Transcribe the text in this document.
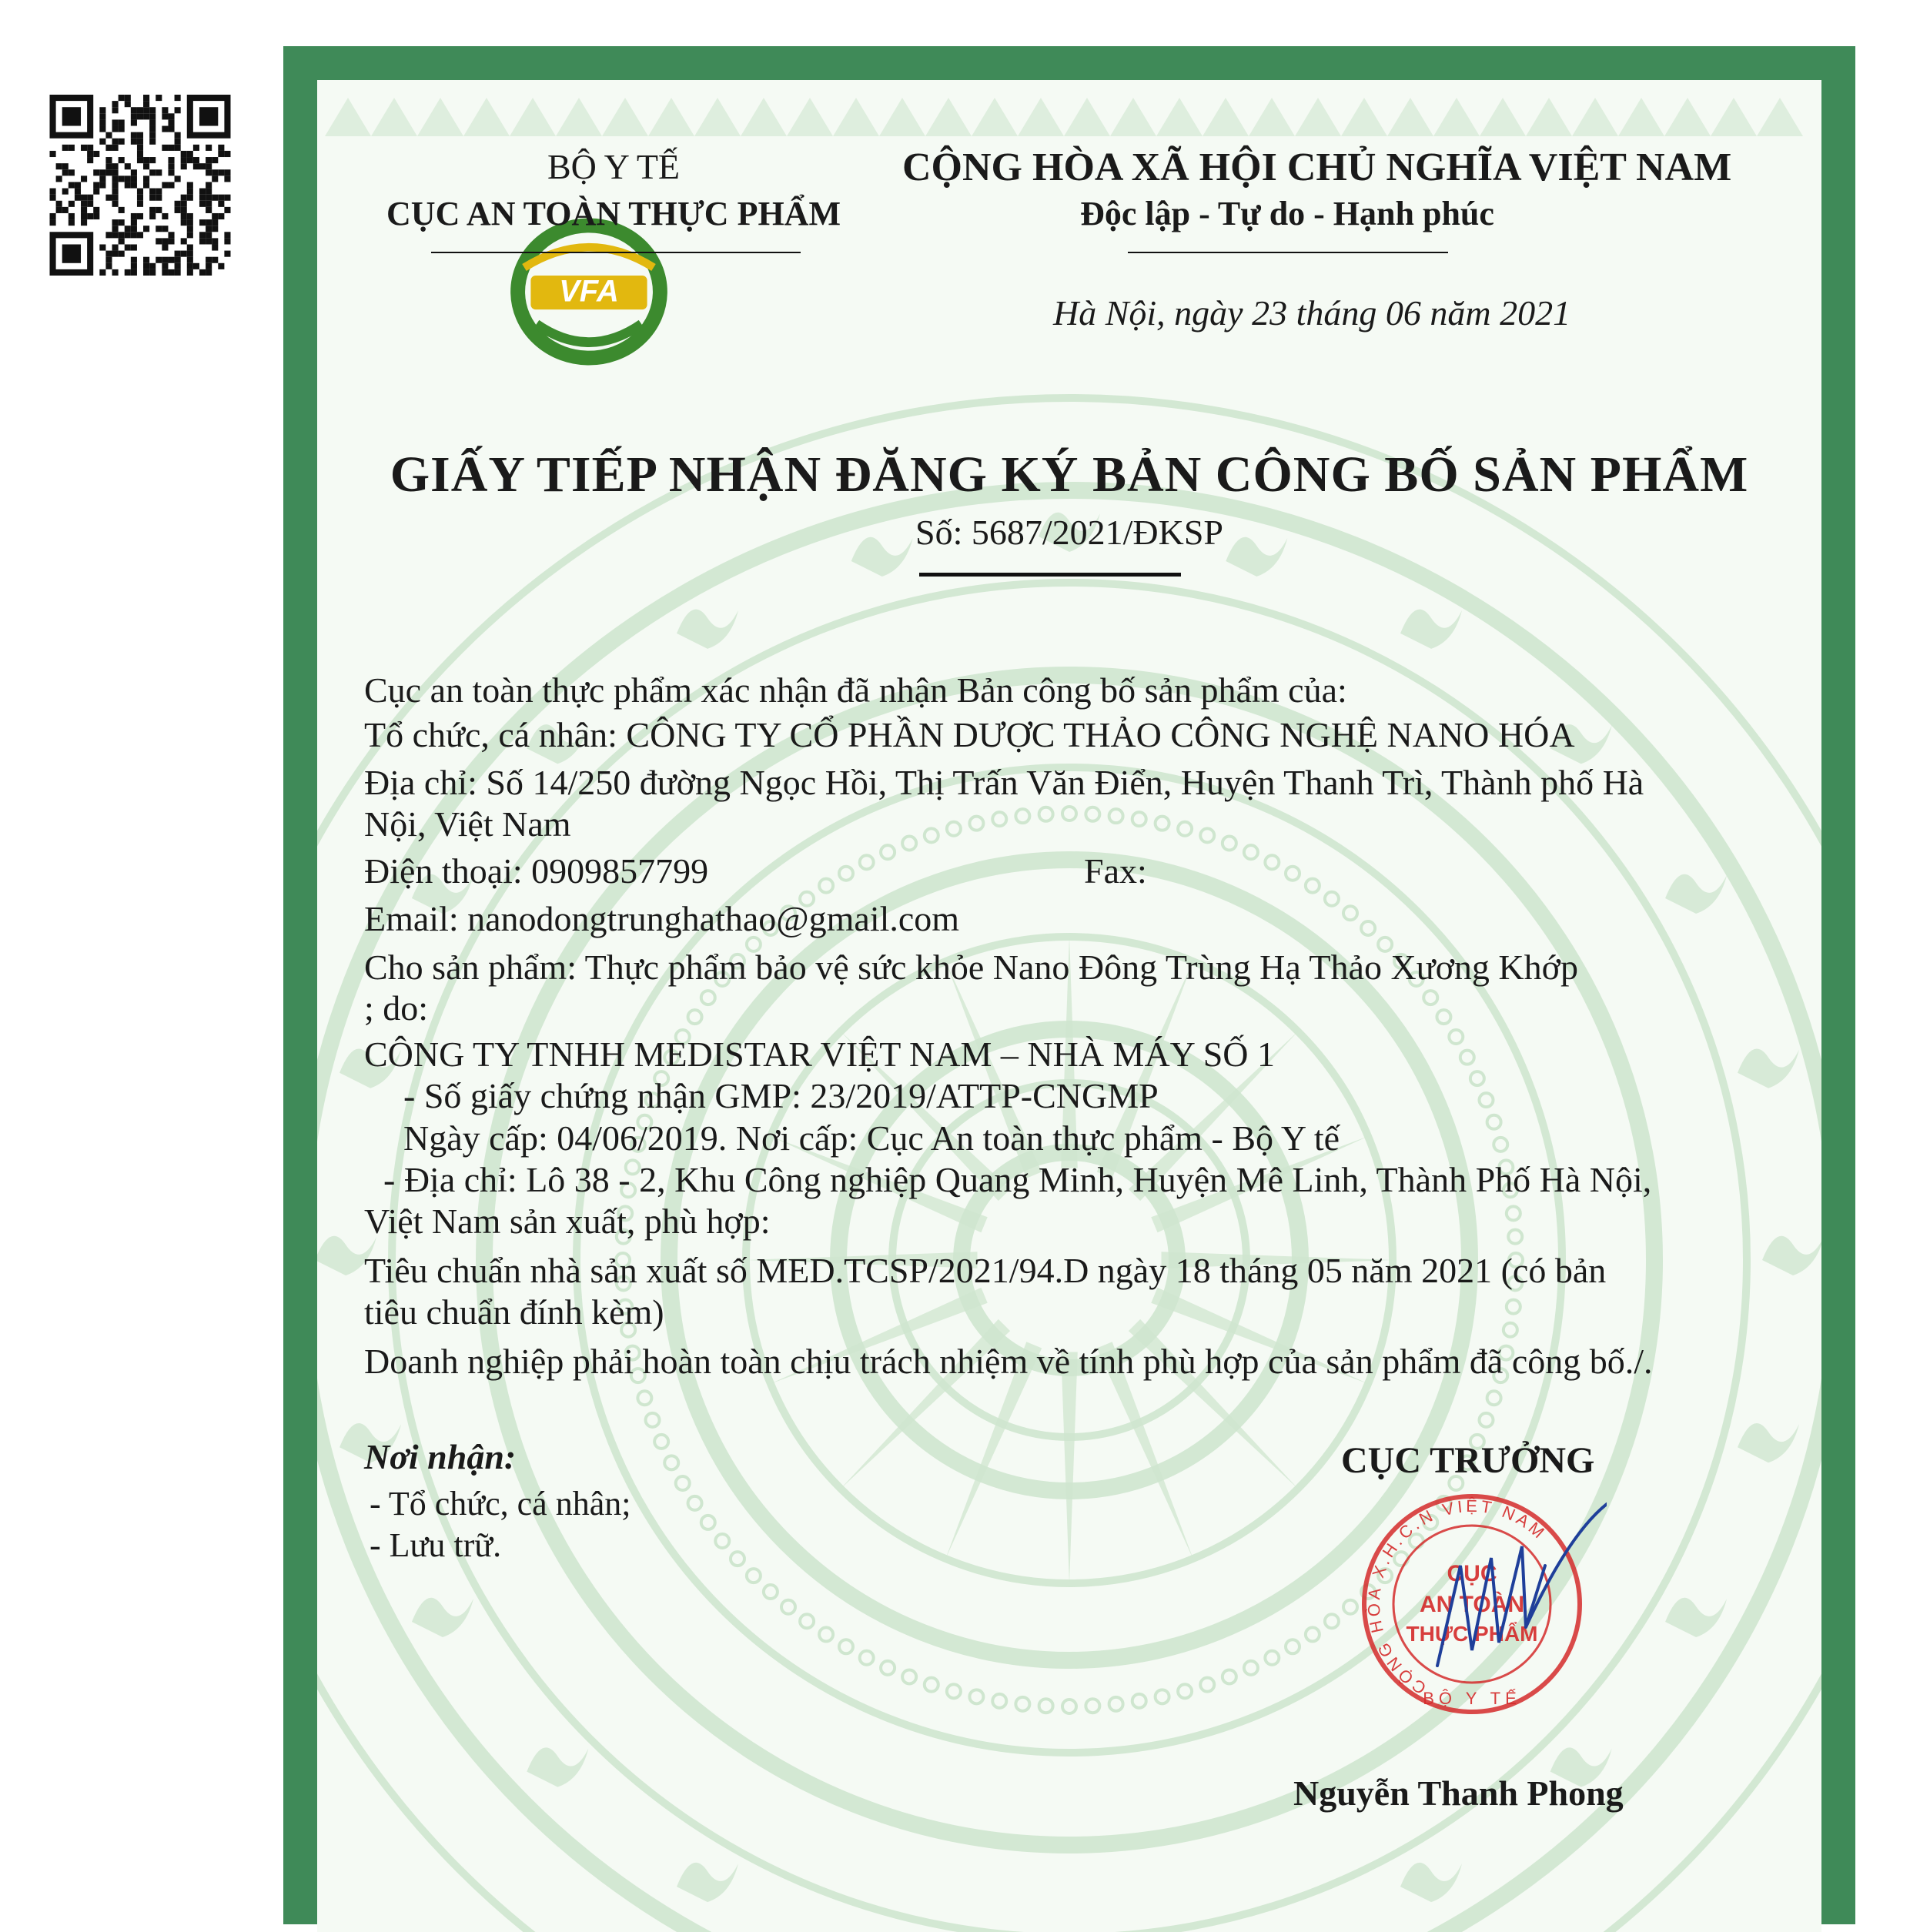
VFA
BỘ Y TẾ
CỤC AN TOÀN THỰC PHẨM
CỘNG HÒA XÃ HỘI CHỦ NGHĨA VIỆT NAM
Độc lập - Tự do - Hạnh phúc
Hà Nội, ngày 23 tháng 06 năm 2021
GIẤY TIẾP NHẬN ĐĂNG KÝ BẢN CÔNG BỐ SẢN PHẨM
Số: 5687/2021/ĐKSP
Cục an toàn thực phẩm xác nhận đã nhận Bản công bố sản phẩm của:
Tổ chức, cá nhân: CÔNG TY CỔ PHẦN DƯỢC THẢO CÔNG NGHỆ NANO HÓA
Địa chỉ: Số 14/250 đường Ngọc Hồi, Thị Trấn Văn Điển, Huyện Thanh Trì, Thành phố Hà
Nội, Việt Nam
Điện thoại: 0909857799	Fax:
Email: nanodongtrunghathao@gmail.com
Cho sản phẩm: Thực phẩm bảo vệ sức khỏe Nano Đông Trùng Hạ Thảo Xương Khớp
; do:
CÔNG TY TNHH MEDISTAR VIỆT NAM – NHÀ MÁY SỐ 1
- Số giấy chứng nhận GMP: 23/2019/ATTP-CNGMP
Ngày cấp: 04/06/2019. Nơi cấp: Cục An toàn thực phẩm - Bộ Y tế
- Địa chỉ: Lô 38 - 2, Khu Công nghiệp Quang Minh, Huyện Mê Linh, Thành Phố Hà Nội,
Việt Nam sản xuất, phù hợp:
Tiêu chuẩn nhà sản xuất số MED.TCSP/2021/94.D ngày 18 tháng 05 năm 2021 (có bản
tiêu chuẩn đính kèm)
Doanh nghiệp phải hoàn toàn chịu trách nhiệm về tính phù hợp của sản phẩm đã công bố./.
Nơi nhận:
- Tổ chức, cá nhân;
- Lưu trữ.
CỤC TRƯỞNG
CỘNG HÒA X.H.C.N VIỆT NAM
BỘ Y TẾ
CỤC
AN TOÀN
THỰC PHẨM
Nguyễn Thanh Phong
